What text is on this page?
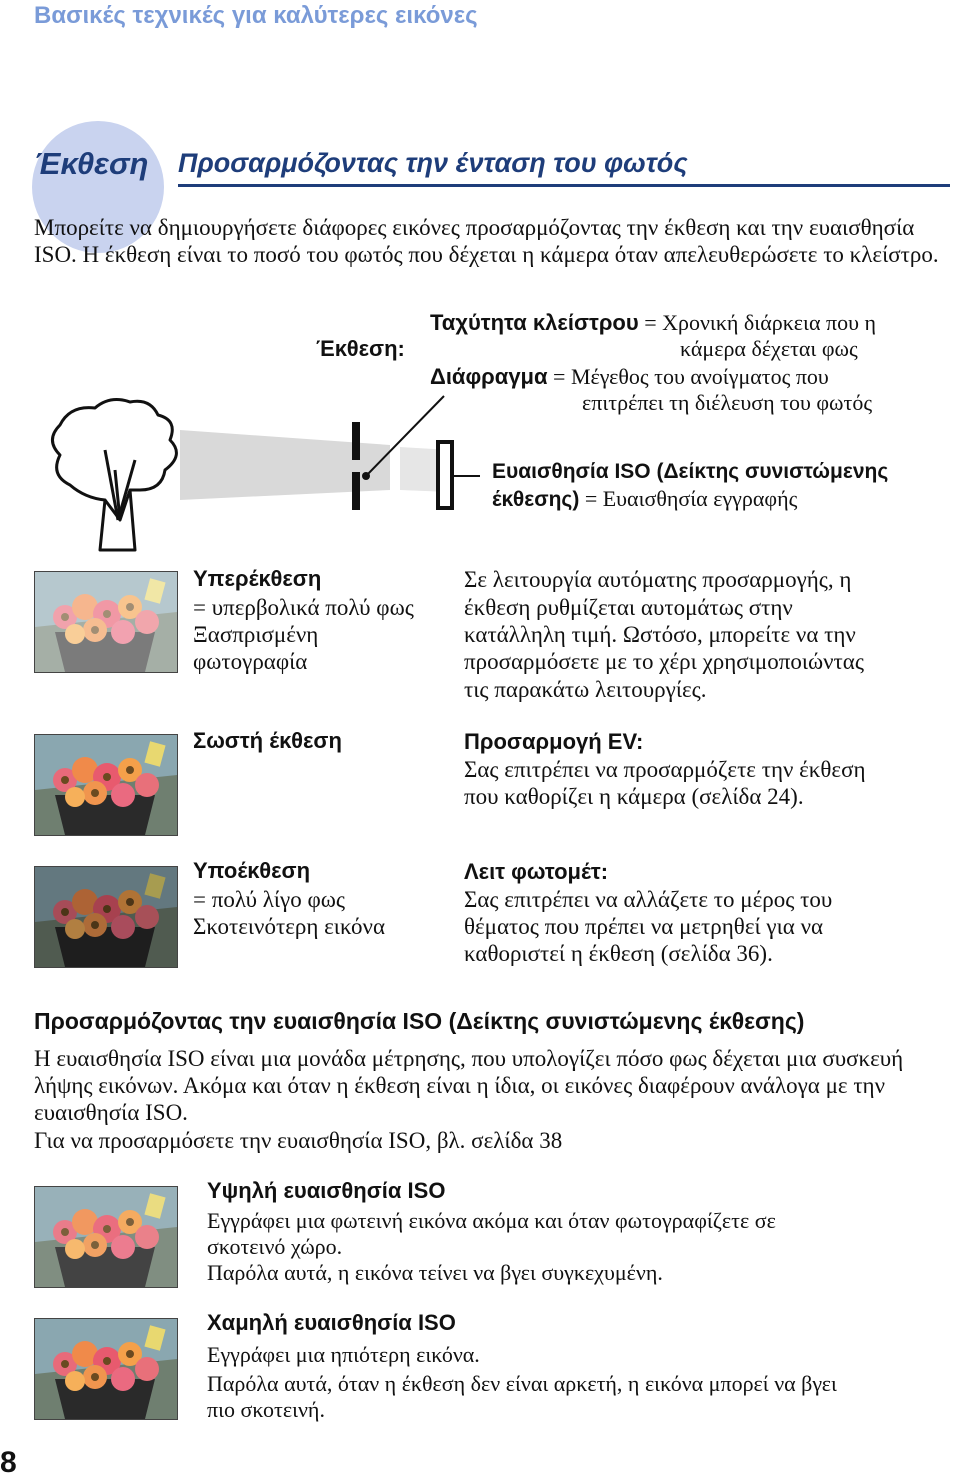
Βασικές τεχνικές για καλύτερες εικόνες
Έκθεση Προσαρμόζοντας την ένταση του φωτός
Μπορείτε να δημιουργήσετε διάφορες εικόνες προσαρμόζοντας την έκθεση και την ευαισθησία ISO. Η έκθεση είναι το ποσό του φωτός που δέχεται η κάμερα όταν απελευθερώσετε το κλείστρο.
Έκθεση:
Ταχύτητα κλείστρου = Χρονική διάρκεια που η
κάμερα δέχεται φως
Διάφραγμα = Μέγεθος του ανοίγματος που
επιτρέπει τη διέλευση του φωτός
Ευαισθησία ISO (Δείκτης συνιστώμενης
έκθεσης) = Ευαισθησία εγγραφής
Υπερέκθεση
= υπερβολικά πολύ φως
Ξασπρισμένη
φωτογραφία
Σωστή έκθεση
Υποέκθεση
= πολύ λίγο φως
Σκοτεινότερη εικόνα
Σε λειτουργία αυτόματης προσαρμογής, η
έκθεση ρυθμίζεται αυτομάτως στην
κατάλληλη τιμή. Ωστόσο, μπορείτε να την
προσαρμόσετε με το χέρι χρησιμοποιώντας
τις παρακάτω λειτουργίες.
Προσαρμογή EV:
Σας επιτρέπει να προσαρμόζετε την έκθεση
που καθορίζει η κάμερα (σελίδα 24).
Λειτ φωτομέτ:
Σας επιτρέπει να αλλάζετε το μέρος του
θέματος που πρέπει να μετρηθεί για να
καθοριστεί η έκθεση (σελίδα 36).
Προσαρμόζοντας την ευαισθησία ISO (Δείκτης συνιστώμενης έκθεσης)
Η ευαισθησία ISO είναι μια μονάδα μέτρησης, που υπολογίζει πόσο φως δέχεται μια συσκευή λήψης εικόνων. Ακόμα και όταν η έκθεση είναι η ίδια, οι εικόνες διαφέρουν ανάλογα με την ευαισθησία ISO.
Για να προσαρμόσετε την ευαισθησία ISO, βλ. σελίδα 38
Υψηλή ευαισθησία ISO
Εγγράφει μια φωτεινή εικόνα ακόμα και όταν φωτογραφίζετε σε
σκοτεινό χώρο.
Παρόλα αυτά, η εικόνα τείνει να βγει συγκεχυμένη.
Χαμηλή ευαισθησία ISO
Εγγράφει μια ηπιότερη εικόνα.
Παρόλα αυτά, όταν η έκθεση δεν είναι αρκετή, η εικόνα μπορεί να βγει
πιο σκοτεινή.
8
